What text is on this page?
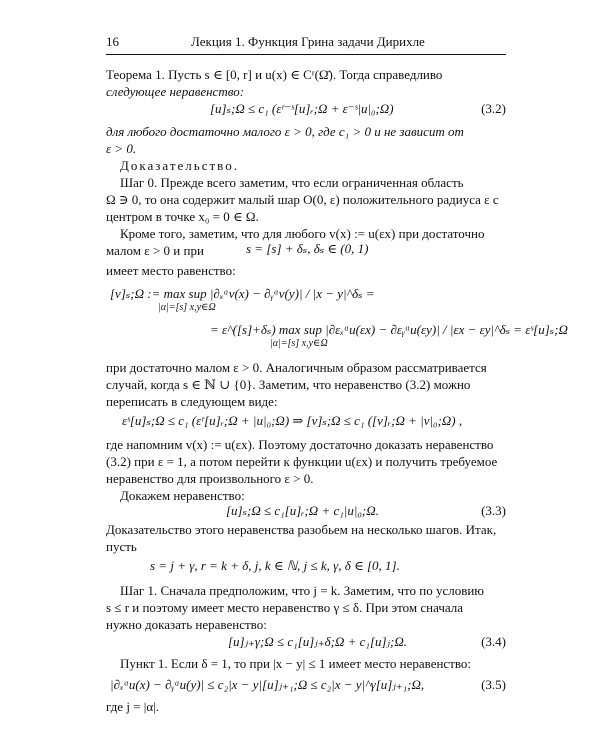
16	Лекция 1. Функция Грина задачи Дирихле
Теорема 1. Пусть s ∈ [0, r] и u(x) ∈ Cʳ(Ω̄). Тогда справедливо
следующее неравенство:
[u]ₛ;Ω ≤ c₁ (εʳ⁻ˢ[u]ᵣ;Ω + ε⁻ˢ|u|₀;Ω)	(3.2)
для любого достаточно малого ε > 0, где c₁ > 0 и не зависит от
ε > 0.
Доказательство.
Шаг 0. Прежде всего заметим, что если ограниченная область
Ω ∋ 0, то она содержит малый шар O(0, ε) положительного радиуса ε с
центром в точке x₀ = 0 ∈ Ω.
Кроме того, заметим, что для любого v(x) := u(εx) при достаточно
малом ε > 0 и при	s = [s] + δₛ, δₛ ∈ (0, 1)
имеет место равенство:
[v]ₛ;Ω := max sup |∂ₓᵅv(x) − ∂ᵧᵅv(y)| / |x − y|^δₛ =
|α|=[s] x,y∈Ω
= ε^([s]+δₛ) max sup |∂εₓᵅu(εx) − ∂εᵧᵅu(εy)| / |εx − εy|^δₛ = εˢ[u]ₛ;Ω
|α|=[s] x,y∈Ω
при достаточно малом ε > 0. Аналогичным образом рассматривается
случай, когда s ∈ ℕ ∪ {0}. Заметим, что неравенство (3.2) можно
переписать в следующем виде:
εˢ[u]ₛ;Ω ≤ c₁ (εʳ[u]ᵣ;Ω + |u|₀;Ω) ⇒ [v]ₛ;Ω ≤ c₁ ([v]ᵣ;Ω + |v|₀;Ω) ,
где напомним v(x) := u(εx). Поэтому достаточно доказать неравенство
(3.2) при ε = 1, а потом перейти к функции u(εx) и получить требуемое
неравенство для произвольного ε > 0.
Докажем неравенство:
[u]ₛ;Ω ≤ c₁[u]ᵣ;Ω + c₁|u|₀;Ω.	(3.3)
Доказательство этого неравенства разобьем на несколько шагов. Итак,
пусть
s = j + γ, r = k + δ, j, k ∈ ℕ, j ≤ k, γ, δ ∈ [0, 1].
Шаг 1. Сначала предположим, что j = k. Заметим, что по условию
s ≤ r и поэтому имеет место неравенство γ ≤ δ. При этом сначала
нужно доказать неравенство:
[u]ⱼ₊γ;Ω ≤ c₁[u]ⱼ₊δ;Ω + c₁[u]ⱼ;Ω.	(3.4)
Пункт 1. Если δ = 1, то при |x − y| ≤ 1 имеет место неравенство:
|∂ₓᵅu(x) − ∂ᵧᵅu(y)| ≤ c₂|x − y|[u]ⱼ₊₁;Ω ≤ c₂|x − y|^γ[u]ⱼ₊₁;Ω,	(3.5)
где j = |α|.
